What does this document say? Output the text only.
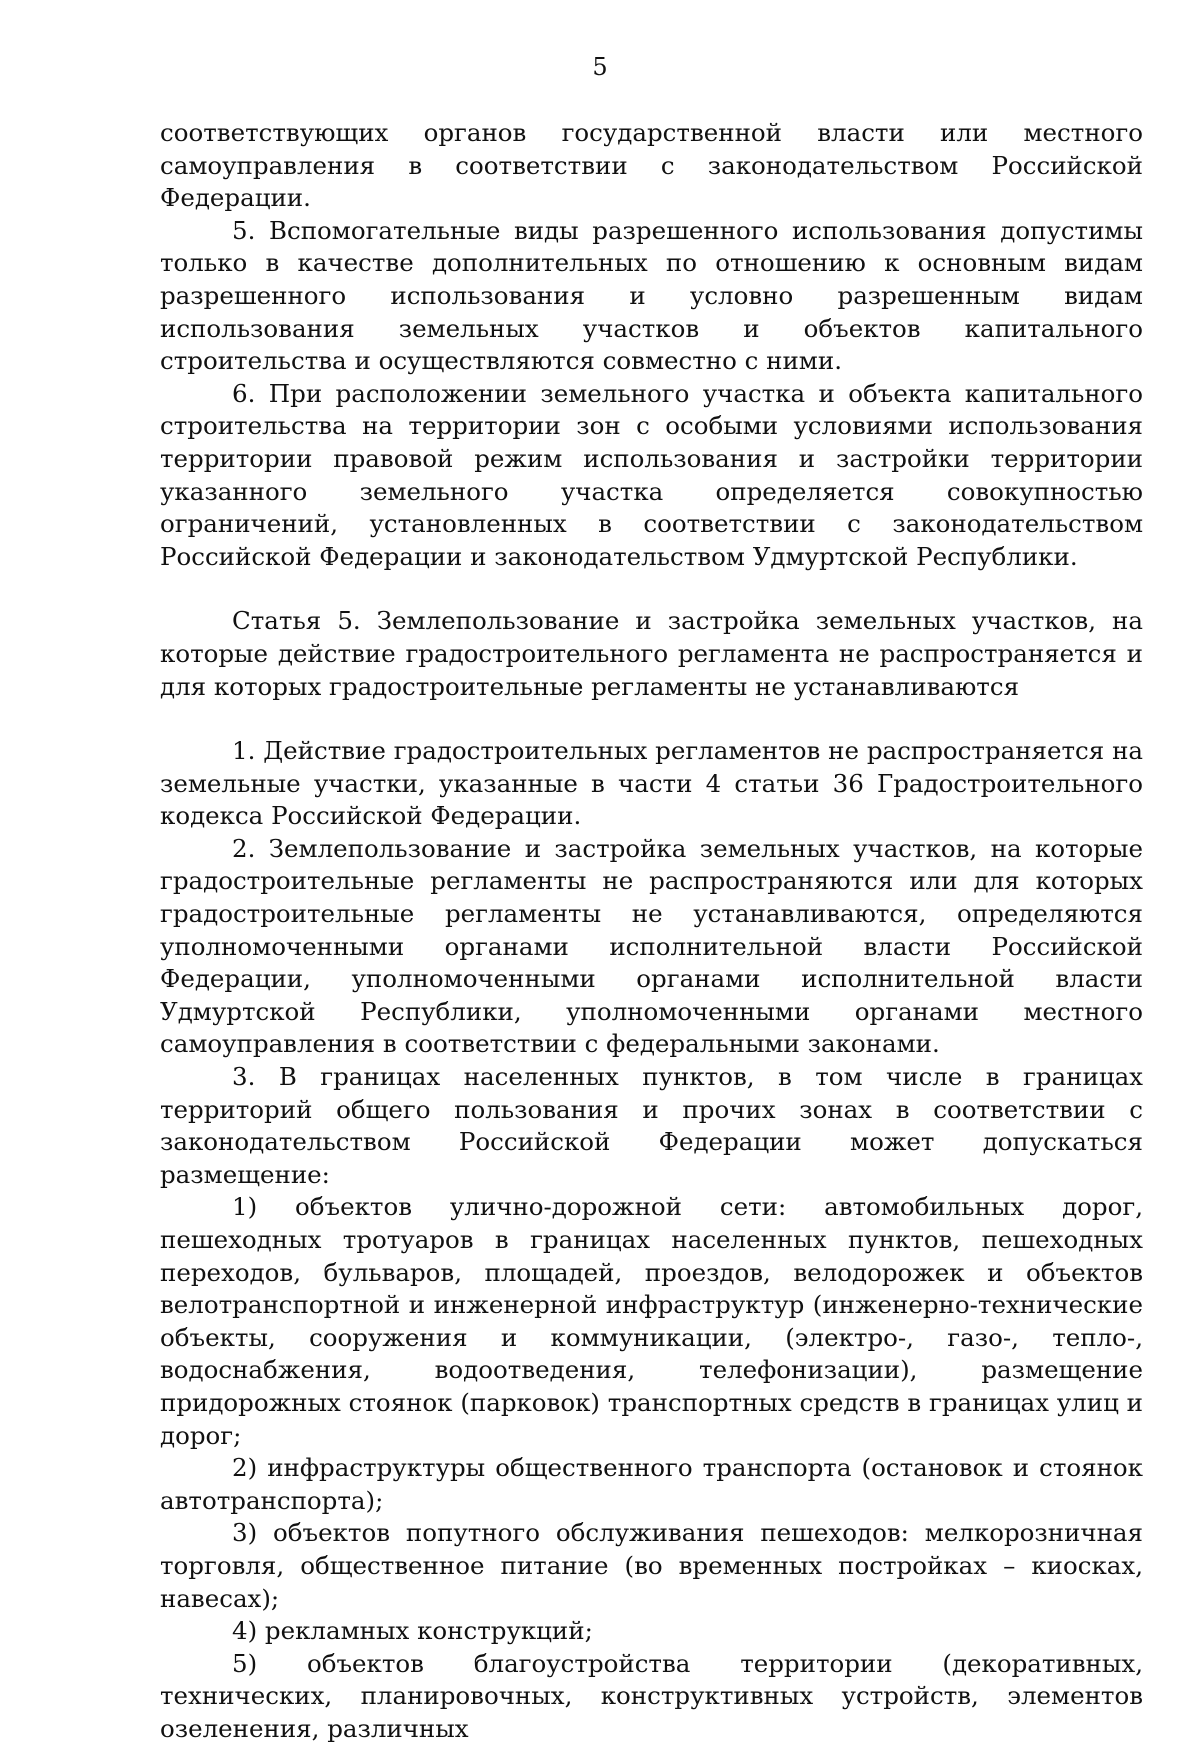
5

соответствующих органов государственной власти или местного самоуправления в соответствии с законодательством Российской Федерации.

5. Вспомогательные виды разрешенного использования допустимы только в качестве дополнительных по отношению к основным видам разрешенного использования и условно разрешенным видам использования земельных участков и объектов капитального строительства и осуществляются совместно с ними.

6. При расположении земельного участка и объекта капитального строительства на территории зон с особыми условиями использования территории правовой режим использования и застройки территории указанного земельного участка определяется совокупностью ограничений, установленных в соответствии с законодательством Российской Федерации и законодательством Удмуртской Республики.

Статья 5. Землепользование и застройка земельных участков, на которые действие градостроительного регламента не распространяется и для которых градостроительные регламенты не устанавливаются

1. Действие градостроительных регламентов не распространяется на земельные участки, указанные в части 4 статьи 36 Градостроительного кодекса Российской Федерации.

2. Землепользование и застройка земельных участков, на которые градостроительные регламенты не распространяются или для которых градостроительные регламенты не устанавливаются, определяются уполномоченными органами исполнительной власти Российской Федерации, уполномоченными органами исполнительной власти Удмуртской Республики, уполномоченными органами местного самоуправления в соответствии с федеральными законами.

3. В границах населенных пунктов, в том числе в границах территорий общего пользования и прочих зонах в соответствии с законодательством Российской Федерации может допускаться размещение:

1) объектов улично-дорожной сети: автомобильных дорог, пешеходных тротуаров в границах населенных пунктов, пешеходных переходов, бульваров, площадей, проездов, велодорожек и объектов велотранспортной и инженерной инфраструктур (инженерно-технические объекты, сооружения и коммуникации, (электро-, газо-, тепло-, водоснабжения, водоотведения, телефонизации), размещение придорожных стоянок (парковок) транспортных средств в границах улиц и дорог;

2) инфраструктуры общественного транспорта (остановок и стоянок автотранспорта);

3) объектов попутного обслуживания пешеходов: мелкорозничная торговля, общественное питание (во временных постройках – киосках, навесах);

4) рекламных конструкций;

5) объектов благоустройства территории (декоративных, технических, планировочных, конструктивных устройств, элементов озеленения, различных
